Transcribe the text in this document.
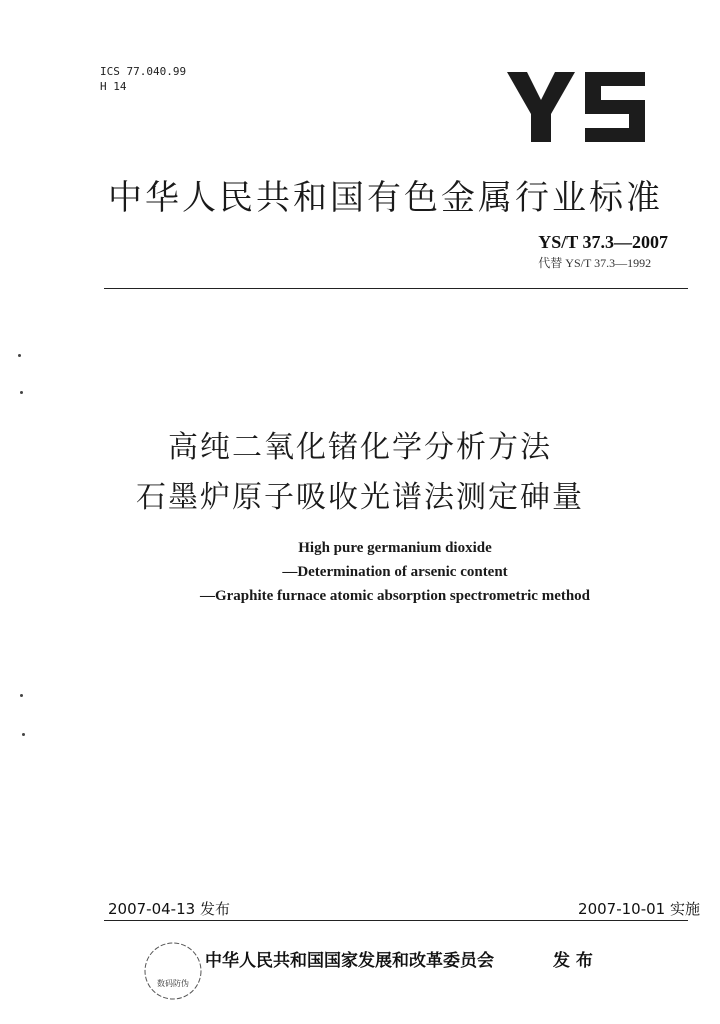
ICS 77.040.99
H 14
中华人民共和国有色金属行业标准
YS/T 37.3—2007
代替 YS/T 37.3—1992
高纯二氧化锗化学分析方法
石墨炉原子吸收光谱法测定砷量
High pure germanium dioxide
—Determination of arsenic content
—Graphite furnace atomic absorption spectrometric method
2007-04-13 发布	2007-10-01 实施
数码防伪
中华人民共和国国家发展和改革委员会	发 布
